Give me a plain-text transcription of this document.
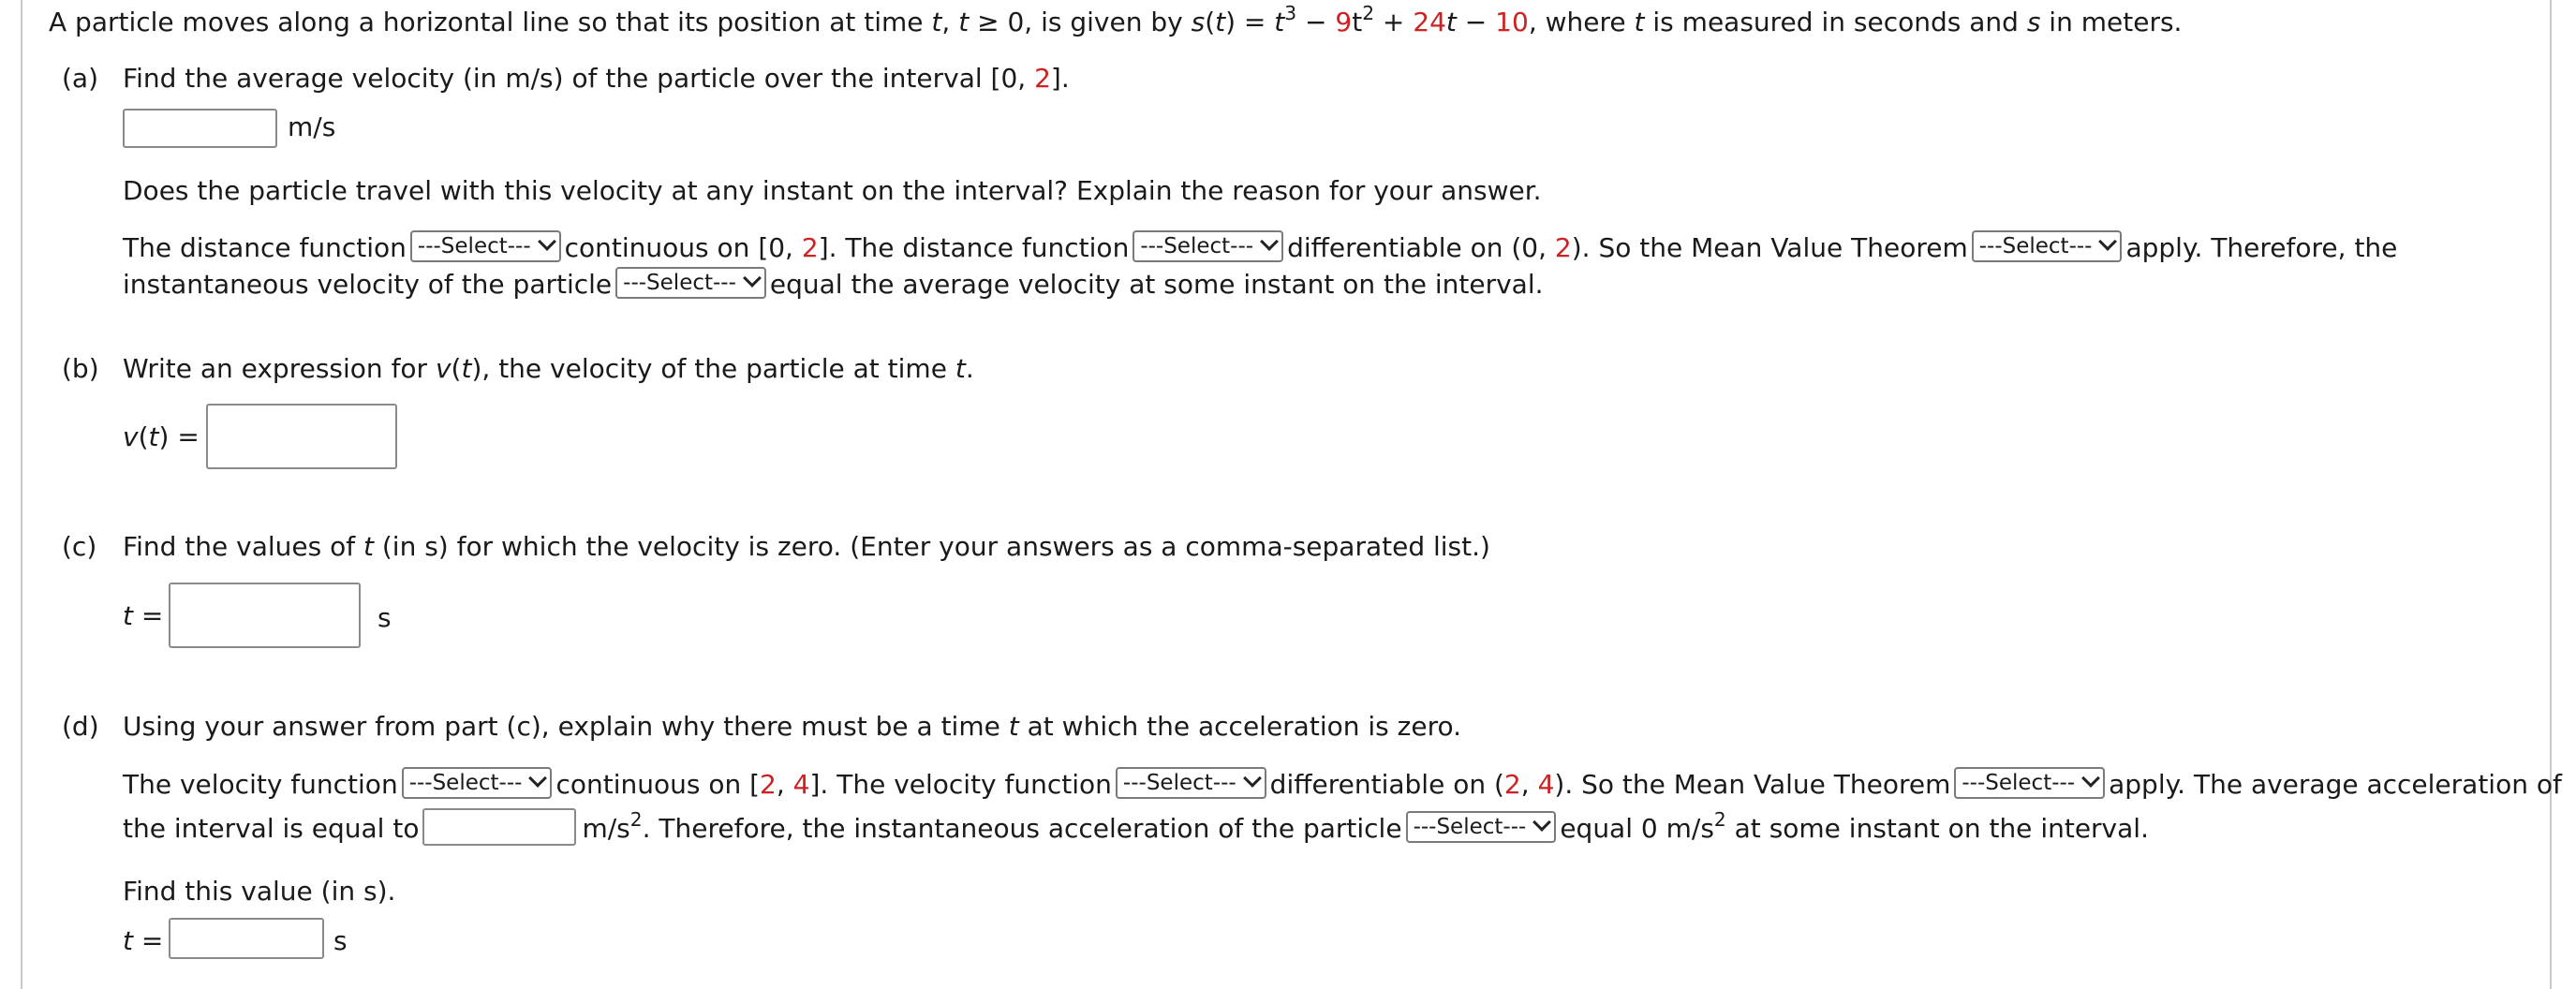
A particle moves along a horizontal line so that its position at time t, t ≥ 0, is given by $s(t) = t^3 - 9t^2 + 24t - 10$, where t is measured in seconds and s in meters.
(a) Find the average velocity (in m/s) of the particle over the interval [0, 2].
m/s
Does the particle travel with this velocity at any instant on the interval? Explain the reason for your answer.
The distance function ---Select--- continuous on [0, 2]. The distance function ---Select--- differentiable on (0, 2). So the Mean Value Theorem ---Select--- apply. Therefore, the
instantaneous velocity of the particle ---Select--- equal the average velocity at some instant on the interval.
(b) Write an expression for v(t), the velocity of the particle at time t.
v(t) =
(c) Find the values of t (in s) for which the velocity is zero. (Enter your answers as a comma-separated list.)
t =	s
(d) Using your answer from part (c), explain why there must be a time t at which the acceleration is zero.
The velocity function ---Select--- continuous on [2, 4]. The velocity function ---Select--- differentiable on (2, 4). So the Mean Value Theorem ---Select--- apply. The average acceleration of
the interval is equal to	$m/s^2$. Therefore, the instantaneous acceleration of the particle ---Select--- equal 0 $m/s^2$ at some instant on the interval.
Find this value (in s).
t =	s
